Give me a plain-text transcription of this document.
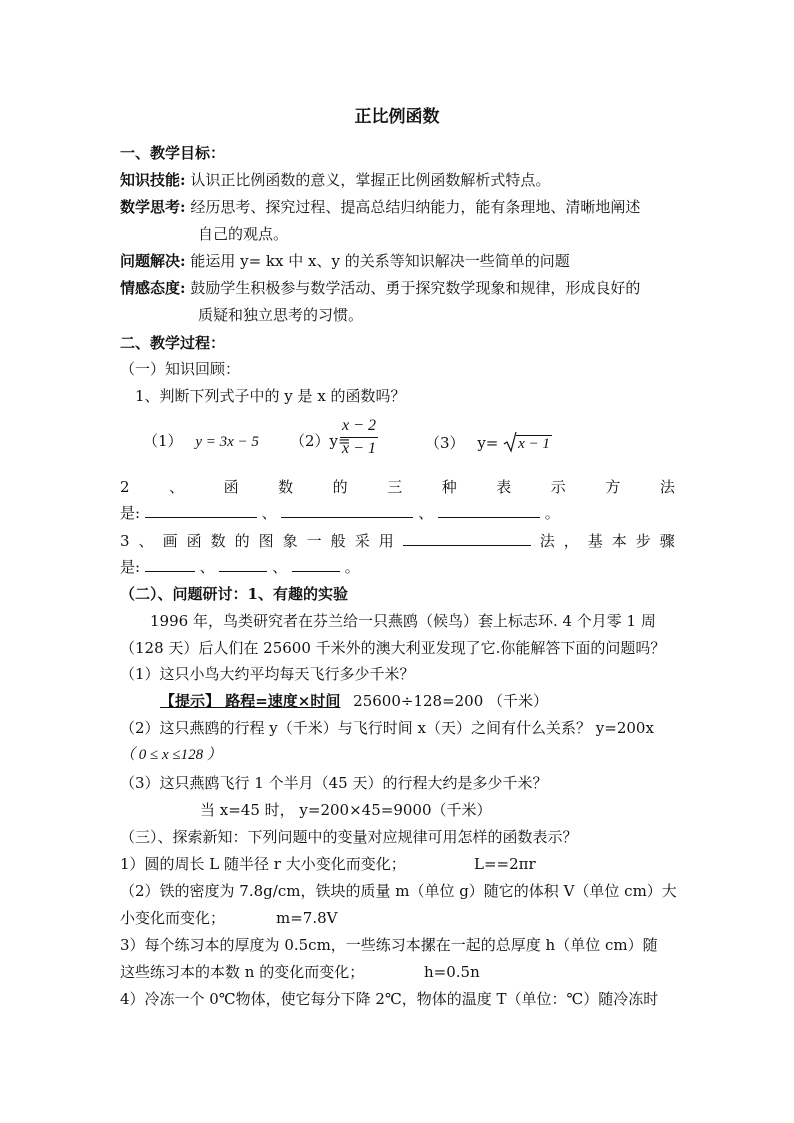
正比例函数
一、教学目标：
知识技能: 认识正比例函数的意义，掌握正比例函数解析式特点。
数学思考: 经历思考、探究过程、提高总结归纳能力，能有条理地、清晰地阐述
自己的观点。
问题解决: 能运用 y= kx 中 x、y 的关系等知识解决一些简单的问题
情感态度: 鼓励学生积极参与数学活动、勇于探究数学现象和规律，形成良好的
质疑和独立思考的习惯。
二、教学过程：
（一）知识回顾：
1、判断下列式子中的 y 是 x 的函数吗？
（1） y = 3x − 5 （2）y=
x − 2
x − 1	（3） y= x − 1
2	、	函	数	的	三	种	表	示	方	法
是:	、	、	。
3 、 画 函 数 的 图 象 一 般 采 用	法 ， 基 本 步 骤
是:	、	、	。
（二）、问题研讨：1、有趣的实验
1996 年，鸟类研究者在芬兰给一只燕鸥（候鸟）套上标志环. 4 个月零 1 周
（128 天）后人们在 25600 千米外的澳大利亚发现了它.你能解答下面的问题吗？
（1）这只小鸟大约平均每天飞行多少千米？
【提示】 路程=速度×时间 25600÷128=200 （千米）
（2）这只燕鸥的行程 y（千米）与飞行时间 x（天）之间有什么关系？ y=200x
（ 0 ≤ x ≤128 ）
（3）这只燕鸥飞行 1 个半月（45 天）的行程大约是多少千米？
当 x=45 时， y=200×45=9000（千米）
（三）、探索新知：下列问题中的变量对应规律可用怎样的函数表示？
1）圆的周长 L 随半径 r 大小变化而变化；	L==2πr
（2）铁的密度为 7.8g/cm，铁块的质量 m（单位 g）随它的体积 V（单位 cm）大
小变化而变化；	m=7.8V
3）每个练习本的厚度为 0.5cm，一些练习本摞在一起的总厚度 h（单位 cm）随
这些练习本的本数 n 的变化而变化；	h=0.5n
4）冷冻一个 0℃物体，使它每分下降 2℃，物体的温度 T（单位：℃）随冷冻时
